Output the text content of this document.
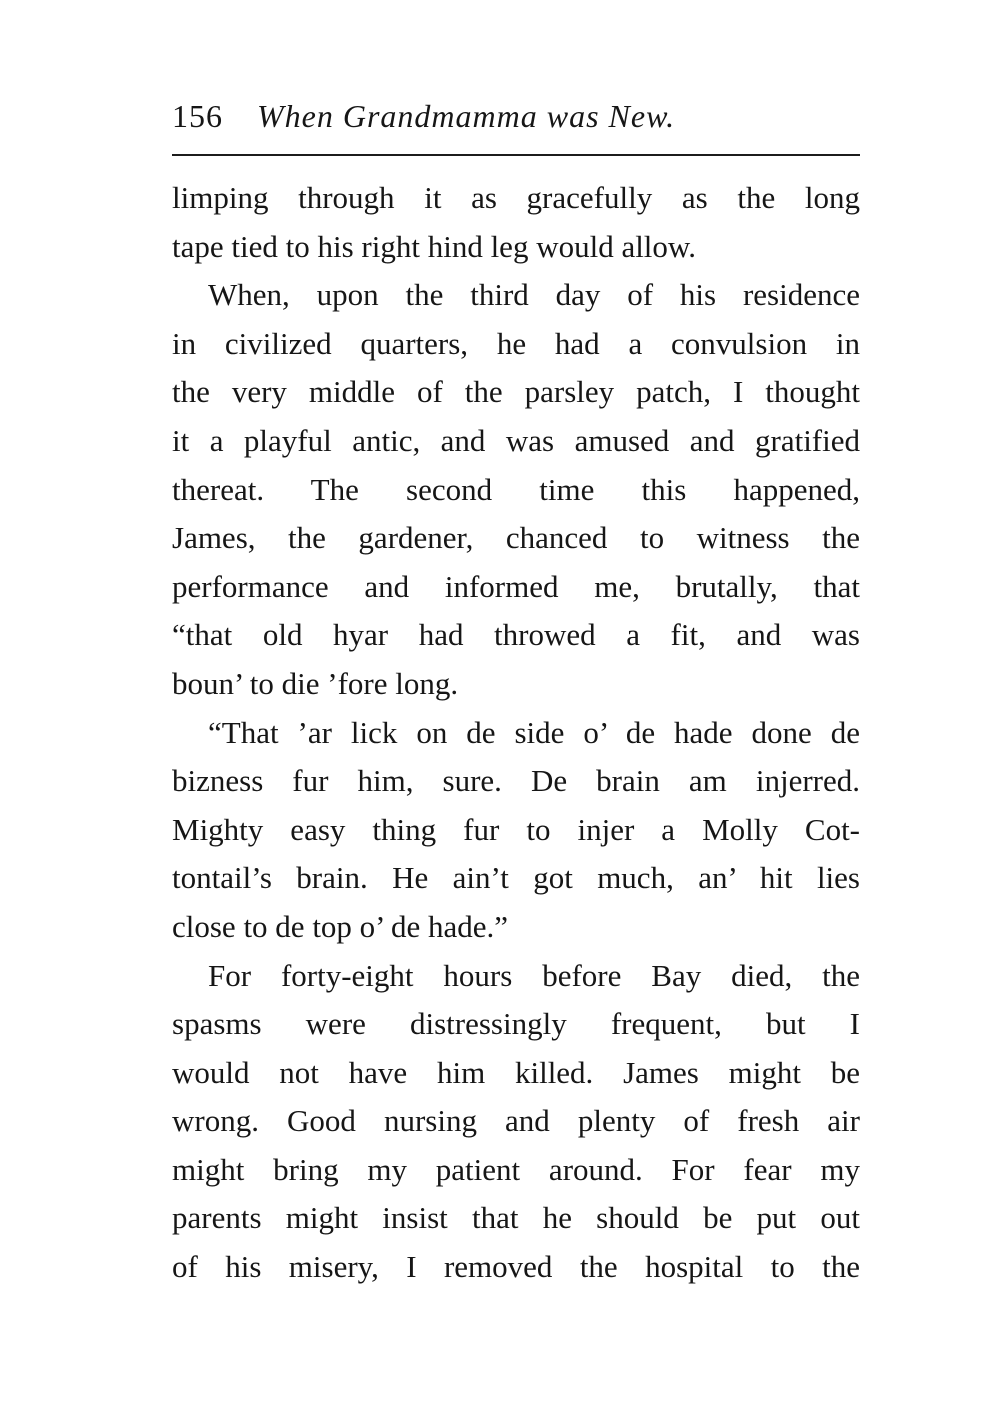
156 When Grandmamma was New.
limping through it as gracefully as the long
tape tied to his right hind leg would allow.
When, upon the third day of his residence
in civilized quarters, he had a convulsion in
the very middle of the parsley patch, I thought
it a playful antic, and was amused and gratified
thereat. The second time this happened,
James, the gardener, chanced to witness the
performance and informed me, brutally, that
“that old hyar had throwed a fit, and was
boun’ to die ’fore long.
“That ’ar lick on de side o’ de hade done de
bizness fur him, sure. De brain am injerred.
Mighty easy thing fur to injer a Molly Cot-
tontail’s brain. He ain’t got much, an’ hit lies
close to de top o’ de hade.”
For forty-eight hours before Bay died, the
spasms were distressingly frequent, but I
would not have him killed. James might be
wrong. Good nursing and plenty of fresh air
might bring my patient around. For fear my
parents might insist that he should be put out
of his misery, I removed the hospital to the
